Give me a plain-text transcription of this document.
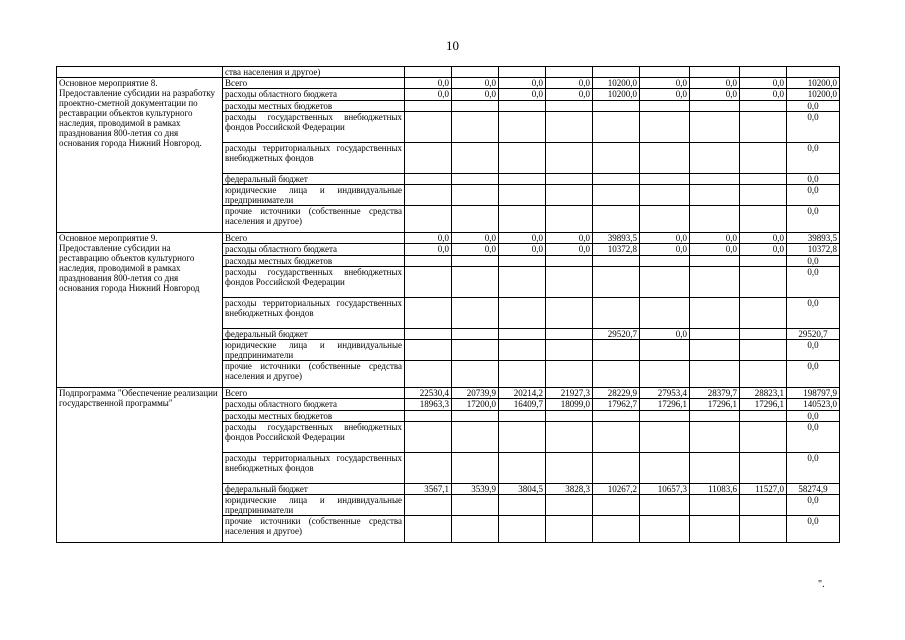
10
	ства населения и другое)									
Основное мероприятие 8. Предоставление субсидии на разработку проектно-сметной документации по реставрации объектов культурного наследия, проводимой в рамках празднования 800-летия со дня основания города Нижний Новгород.	Всего	0,0	0,0	0,0	0,0	10200,0	0,0	0,0	0,0	10200,0
	расходы областного бюджета	0,0	0,0	0,0	0,0	10200,0	0,0	0,0	0,0	10200,0
	расходы местных бюджетов									0,0
	расходы государственных внебюджетных фондов Российской Федерации									0,0
	расходы территориальных государственных внебюджетных фондов									0,0
	федеральный бюджет									0,0
	юридические лица и индивидуальные предприниматели									0,0
	прочие источники (собственные средства населения и другое)									0,0
Основное мероприятие 9. Предоставление субсидии на реставрацию объектов культурного наследия, проводимой в рамках празднования 800-летия со дня основания города Нижний Новгород	Всего	0,0	0,0	0,0	0,0	39893,5	0,0	0,0	0,0	39893,5
	расходы областного бюджета	0,0	0,0	0,0	0,0	10372,8	0,0	0,0	0,0	10372,8
	расходы местных бюджетов									0,0
	расходы государственных внебюджетных фондов Российской Федерации									0,0
	расходы территориальных государственных внебюджетных фондов									0,0
	федеральный бюджет					29520,7	0,0			29520,7
	юридические лица и индивидуальные предприниматели									0,0
	прочие источники (собственные средства населения и другое)									0,0
Подпрограмма "Обеспечение реализации государственной программы"	Всего	22530,4	20739,9	20214,2	21927,3	28229,9	27953,4	28379,7	28823,1	198797,9
	расходы областного бюджета	18963,3	17200,0	16409,7	18099,0	17962,7	17296,1	17296,1	17296,1	140523,0
	расходы местных бюджетов									0,0
	расходы государственных внебюджетных фондов Российской Федерации									0,0
	расходы территориальных государственных внебюджетных фондов									0,0
	федеральный бюджет	3567,1	3539,9	3804,5	3828,3	10267,2	10657,3	11083,6	11527,0	58274,9
	юридические лица и индивидуальные предприниматели									0,0
	прочие источники (собственные средства населения и другое)									0,0
".
